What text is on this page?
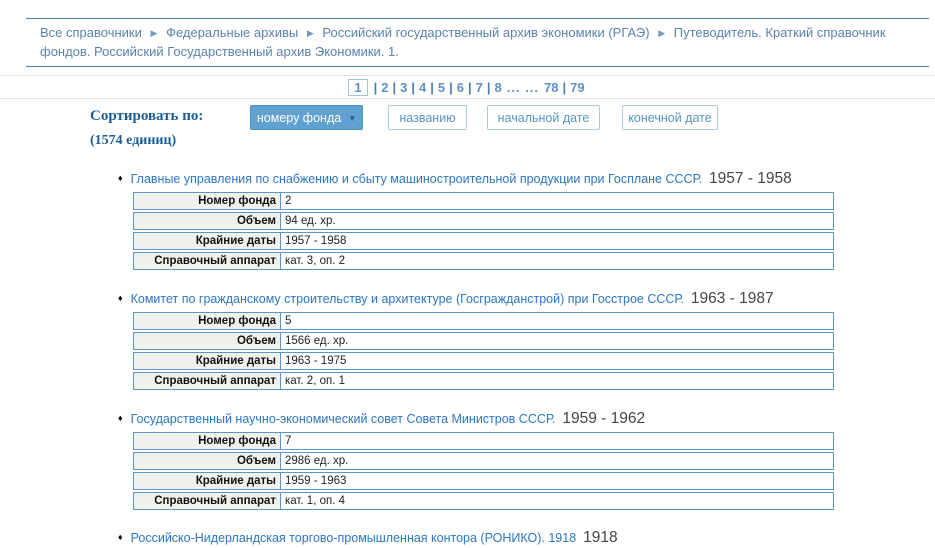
Все справочники ▶ Федеральные архивы ▶ Российский государственный архив экономики (РГАЭ) ▶ Путеводитель. Краткий справочник фондов. Российский Государственный архив Экономики. 1.
1 | 2 | 3 | 4 | 5 | 6 | 7 | 8 ... ... 78 | 79
Сортировать по:	номеру фонда ▼	названию	начальной дате	конечной дате
(1574 единиц)
♦ Главные управления по снабжению и сбыту машиностроительной продукции при Госплане СССР. 1957 - 1958
Номер фонда 2
Объем 94 ед. хр.
Крайние даты 1957 - 1958
Справочный аппарат кат. 3, оп. 2
♦ Комитет по гражданскому строительству и архитектуре (Госгражданстрой) при Госстрое СССР. 1963 - 1987
Номер фонда 5
Объем 1566 ед. хр.
Крайние даты 1963 - 1975
Справочный аппарат кат. 2, оп. 1
♦ Государственный научно-экономический совет Совета Министров СССР. 1959 - 1962
Номер фонда 7
Объем 2986 ед. хр.
Крайние даты 1959 - 1963
Справочный аппарат кат. 1, оп. 4
♦ Российско-Нидерландская торгово-промышленная контора (РОНИКО). 1918 1918
